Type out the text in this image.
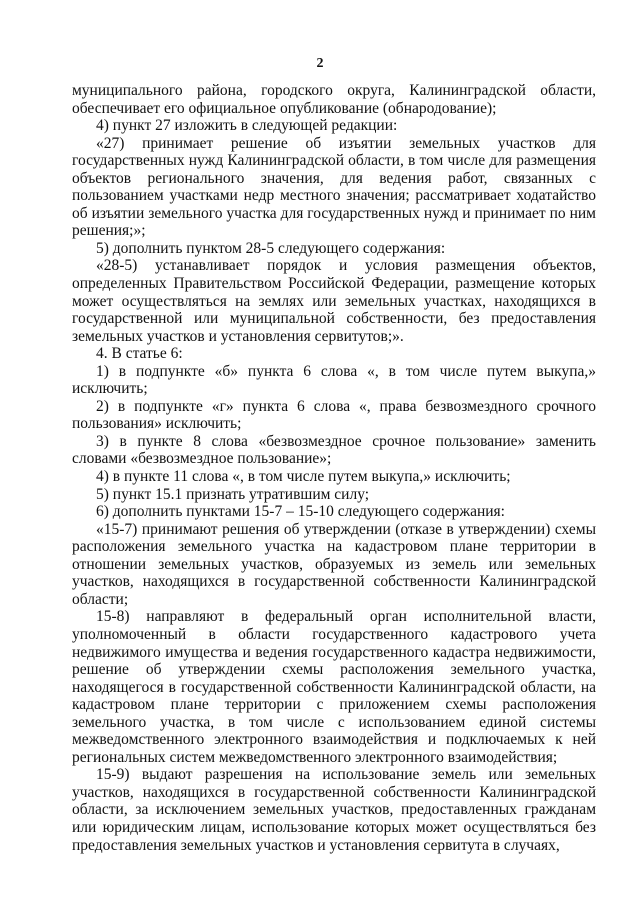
2

муниципального района, городского округа, Калининградской области, обеспечивает его официальное опубликование (обнародование);

4) пункт 27 изложить в следующей редакции:

«27) принимает решение об изъятии земельных участков для государственных нужд Калининградской области, в том числе для размещения объектов регионального значения, для ведения работ, связанных с пользованием участками недр местного значения; рассматривает ходатайство об изъятии земельного участка для государственных нужд и принимает по ним решения;»;

5) дополнить пунктом 28-5 следующего содержания:

«28-5) устанавливает порядок и условия размещения объектов, определенных Правительством Российской Федерации, размещение которых может осуществляться на землях или земельных участках, находящихся в государственной или муниципальной собственности, без предоставления земельных участков и установления сервитутов;».

4. В статье 6:

1) в подпункте «б» пункта 6 слова «, в том числе путем выкупа,» исключить;

2) в подпункте «г» пункта 6 слова «, права безвозмездного срочного пользования» исключить;

3) в пункте 8 слова «безвозмездное срочное пользование» заменить словами «безвозмездное пользование»;

4) в пункте 11 слова «, в том числе путем выкупа,» исключить;

5) пункт 15.1 признать утратившим силу;

6) дополнить пунктами 15-7 – 15-10 следующего содержания:

«15-7) принимают решения об утверждении (отказе в утверждении) схемы расположения земельного участка на кадастровом плане территории в отношении земельных участков, образуемых из земель или земельных участков, находящихся в государственной собственности Калининградской области;

15-8) направляют в федеральный орган исполнительной власти, уполномоченный в области государственного кадастрового учета недвижимого имущества и ведения государственного кадастра недвижимости, решение об утверждении схемы расположения земельного участка, находящегося в государственной собственности Калининградской области, на кадастровом плане территории с приложением схемы расположения земельного участка, в том числе с использованием единой системы межведомственного электронного взаимодействия и подключаемых к ней региональных систем межведомственного электронного взаимодействия;

15-9) выдают разрешения на использование земель или земельных участков, находящихся в государственной собственности Калининградской области, за исключением земельных участков, предоставленных гражданам или юридическим лицам, использование которых может осуществляться без предоставления земельных участков и установления сервитута в случаях,
